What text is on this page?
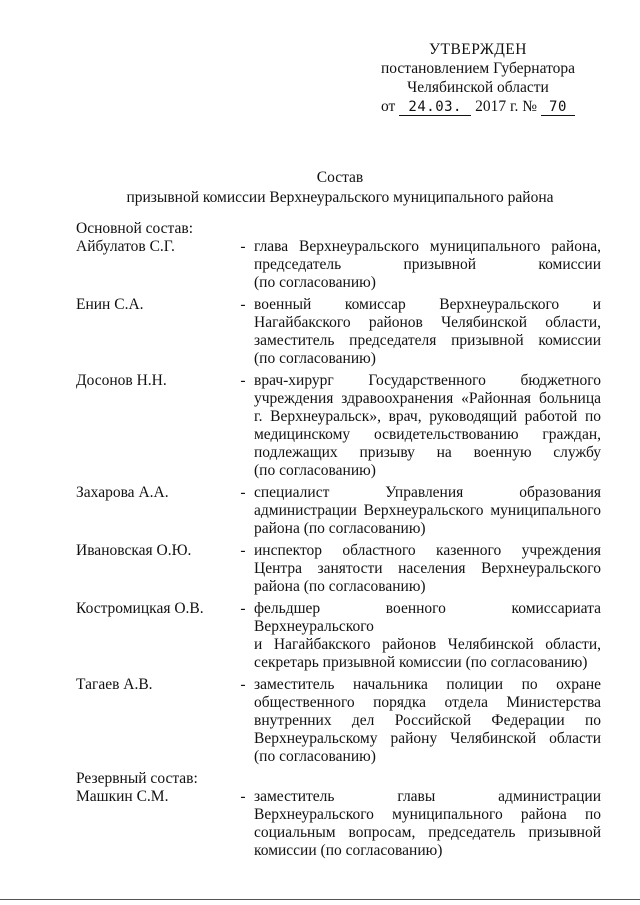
УТВЕРЖДЕН
постановлением Губернатора
Челябинской области
от 24.03. 2017 г. № 70
Состав
призывной комиссии Верхнеуральского муниципального района
Основной состав:
Айбулатов С.Г.	- глава Верхнеуральского муниципального района,
председатель призывной комиссии
(по согласованию)
Енин С.А.	- военный комиссар Верхнеуральского и
Нагайбакского районов Челябинской области,
заместитель председателя призывной комиссии
(по согласованию)
Досонов Н.Н.	- врач-хирург Государственного бюджетного
учреждения здравоохранения «Районная больница
г. Верхнеуральск», врач, руководящий работой по
медицинскому освидетельствованию граждан,
подлежащих призыву на военную службу
(по согласованию)
Захарова А.А.	- специалист Управления образования
администрации Верхнеуральского муниципального
района (по согласованию)
Ивановская О.Ю.	- инспектор областного казенного учреждения
Центра занятости населения Верхнеуральского
района (по согласованию)
Костромицкая О.В.	- фельдшер военного комиссариата Верхнеуральского
и Нагайбакского районов Челябинской области,
секретарь призывной комиссии (по согласованию)
Тагаев А.В.	- заместитель начальника полиции по охране
общественного порядка отдела Министерства
внутренних дел Российской Федерации по
Верхнеуральскому району Челябинской области
(по согласованию)
Резервный состав:
Машкин С.М.	- заместитель главы администрации
Верхнеуральского муниципального района по
социальным вопросам, председатель призывной
комиссии (по согласованию)
